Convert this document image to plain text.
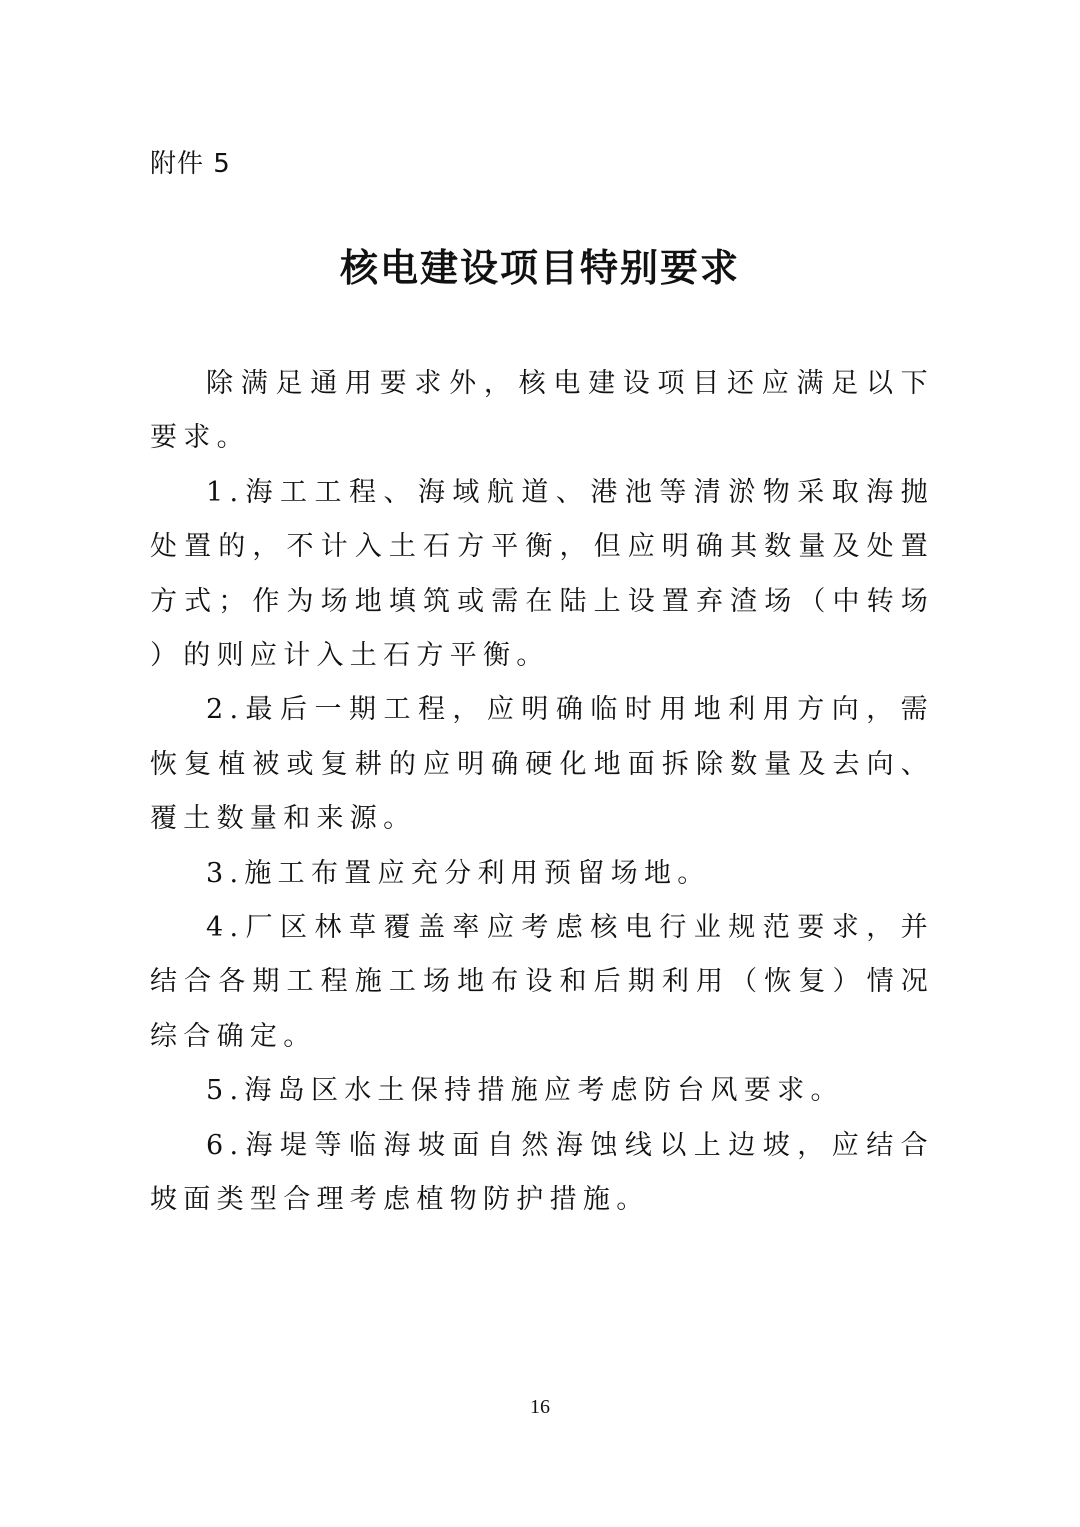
附件 5
核电建设项目特别要求

除满足通用要求外，核电建设项目还应满足以下要求。

1.海工工程、海域航道、港池等清淤物采取海抛处置的，不计入土石方平衡，但应明确其数量及处置方式；作为场地填筑或需在陆上设置弃渣场（中转场）的则应计入土石方平衡。

2.最后一期工程，应明确临时用地利用方向，需恢复植被或复耕的应明确硬化地面拆除数量及去向、覆土数量和来源。

3.施工布置应充分利用预留场地。

4.厂区林草覆盖率应考虑核电行业规范要求，并结合各期工程施工场地布设和后期利用（恢复）情况综合确定。

5.海岛区水土保持措施应考虑防台风要求。

6.海堤等临海坡面自然海蚀线以上边坡，应结合坡面类型合理考虑植物防护措施。

16
